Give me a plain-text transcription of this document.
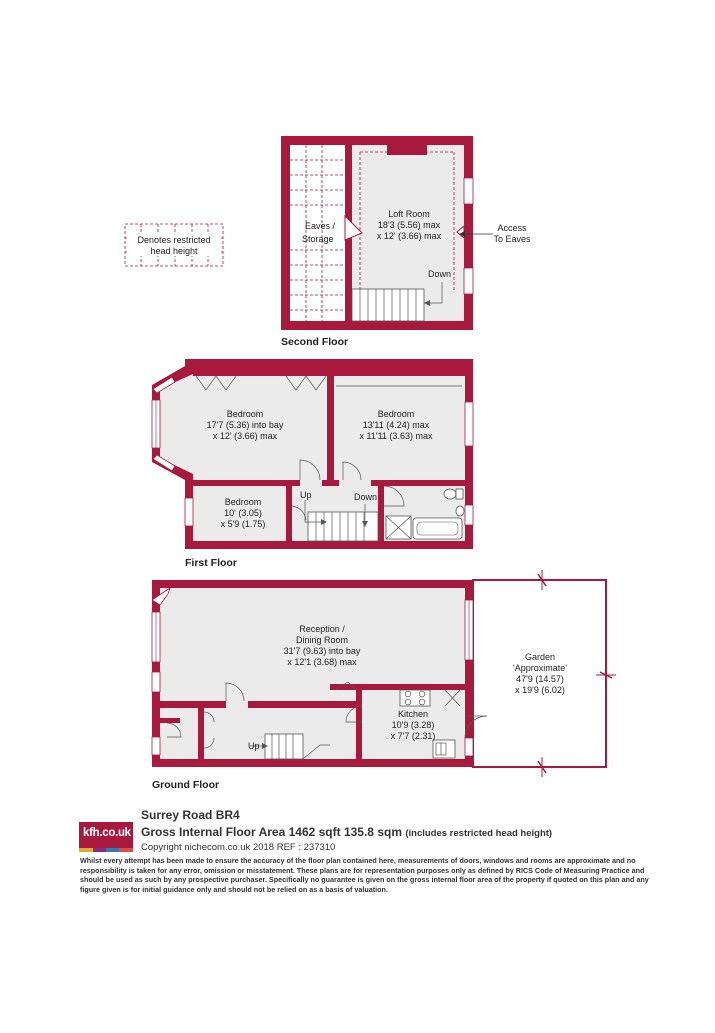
Denotes restricted
head height
Eaves /
Storage
Loft Room
18'3 (5.56) max
x 12' (3.66) max
Down
Access
To Eaves
Second Floor
Bedroom
17'7 (5.36) into bay
x 12' (3.66) max
Bedroom
13'11 (4.24) max
x 11'11 (3.63) max
Bedroom
10' (3.05)
x 5'9 (1.75)
Up	Down
First Floor
Reception /
Dining Room
31'7 (9.63) into bay
x 12'1 (3.68) max
Kitchen
10'9 (3.28)
x 7'7 (2.31)
Garden
'Approximate'
47'9 (14.57)
x 19'9 (6.02)
Up
Ground Floor
kfh.co.uk
Surrey Road BR4
Gross Internal Floor Area 1462 sqft 135.8 sqm (includes restricted head height)
Copyright nichecom.co.uk 2018 REF : 237310
Whilst every attempt has been made to ensure the accuracy of the floor plan contained here, measurements of doors, windows and rooms are approximate and no responsibility is taken for any error, omission or misstatement. These plans are for representation purposes only as defined by RICS Code of Measuring Practice and should be used as such by any prospective purchaser. Specifically no guarantee is given on the gross internal floor area of the property if quoted on this plan and any figure given is for initial guidance only and should not be relied on as a basis of valuation.
